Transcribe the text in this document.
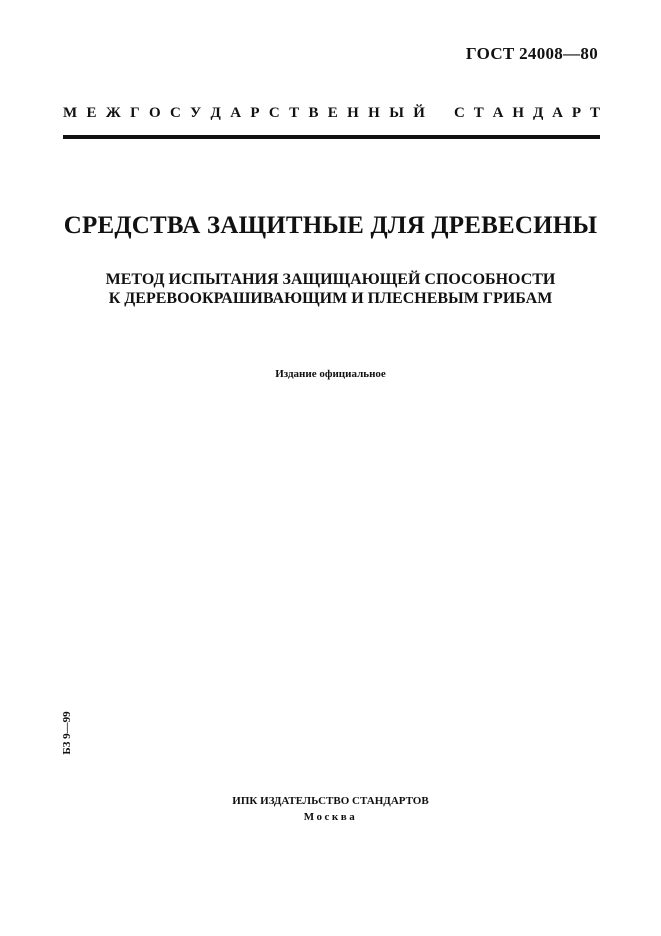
ГОСТ 24008—80
М Е Ж Г О С У Д А Р С Т В Е Н Н Ы Й С Т А Н Д А Р Т
СРЕДСТВА ЗАЩИТНЫЕ ДЛЯ ДРЕВЕСИНЫ
МЕТОД ИСПЫТАНИЯ ЗАЩИЩАЮЩЕЙ СПОСОБНОСТИ
К ДЕРЕВООКРАШИВАЮЩИМ И ПЛЕСНЕВЫМ ГРИБАМ
Издание официальное
БЗ 9—99
ИПК ИЗДАТЕЛЬСТВО СТАНДАРТОВ
Москва
